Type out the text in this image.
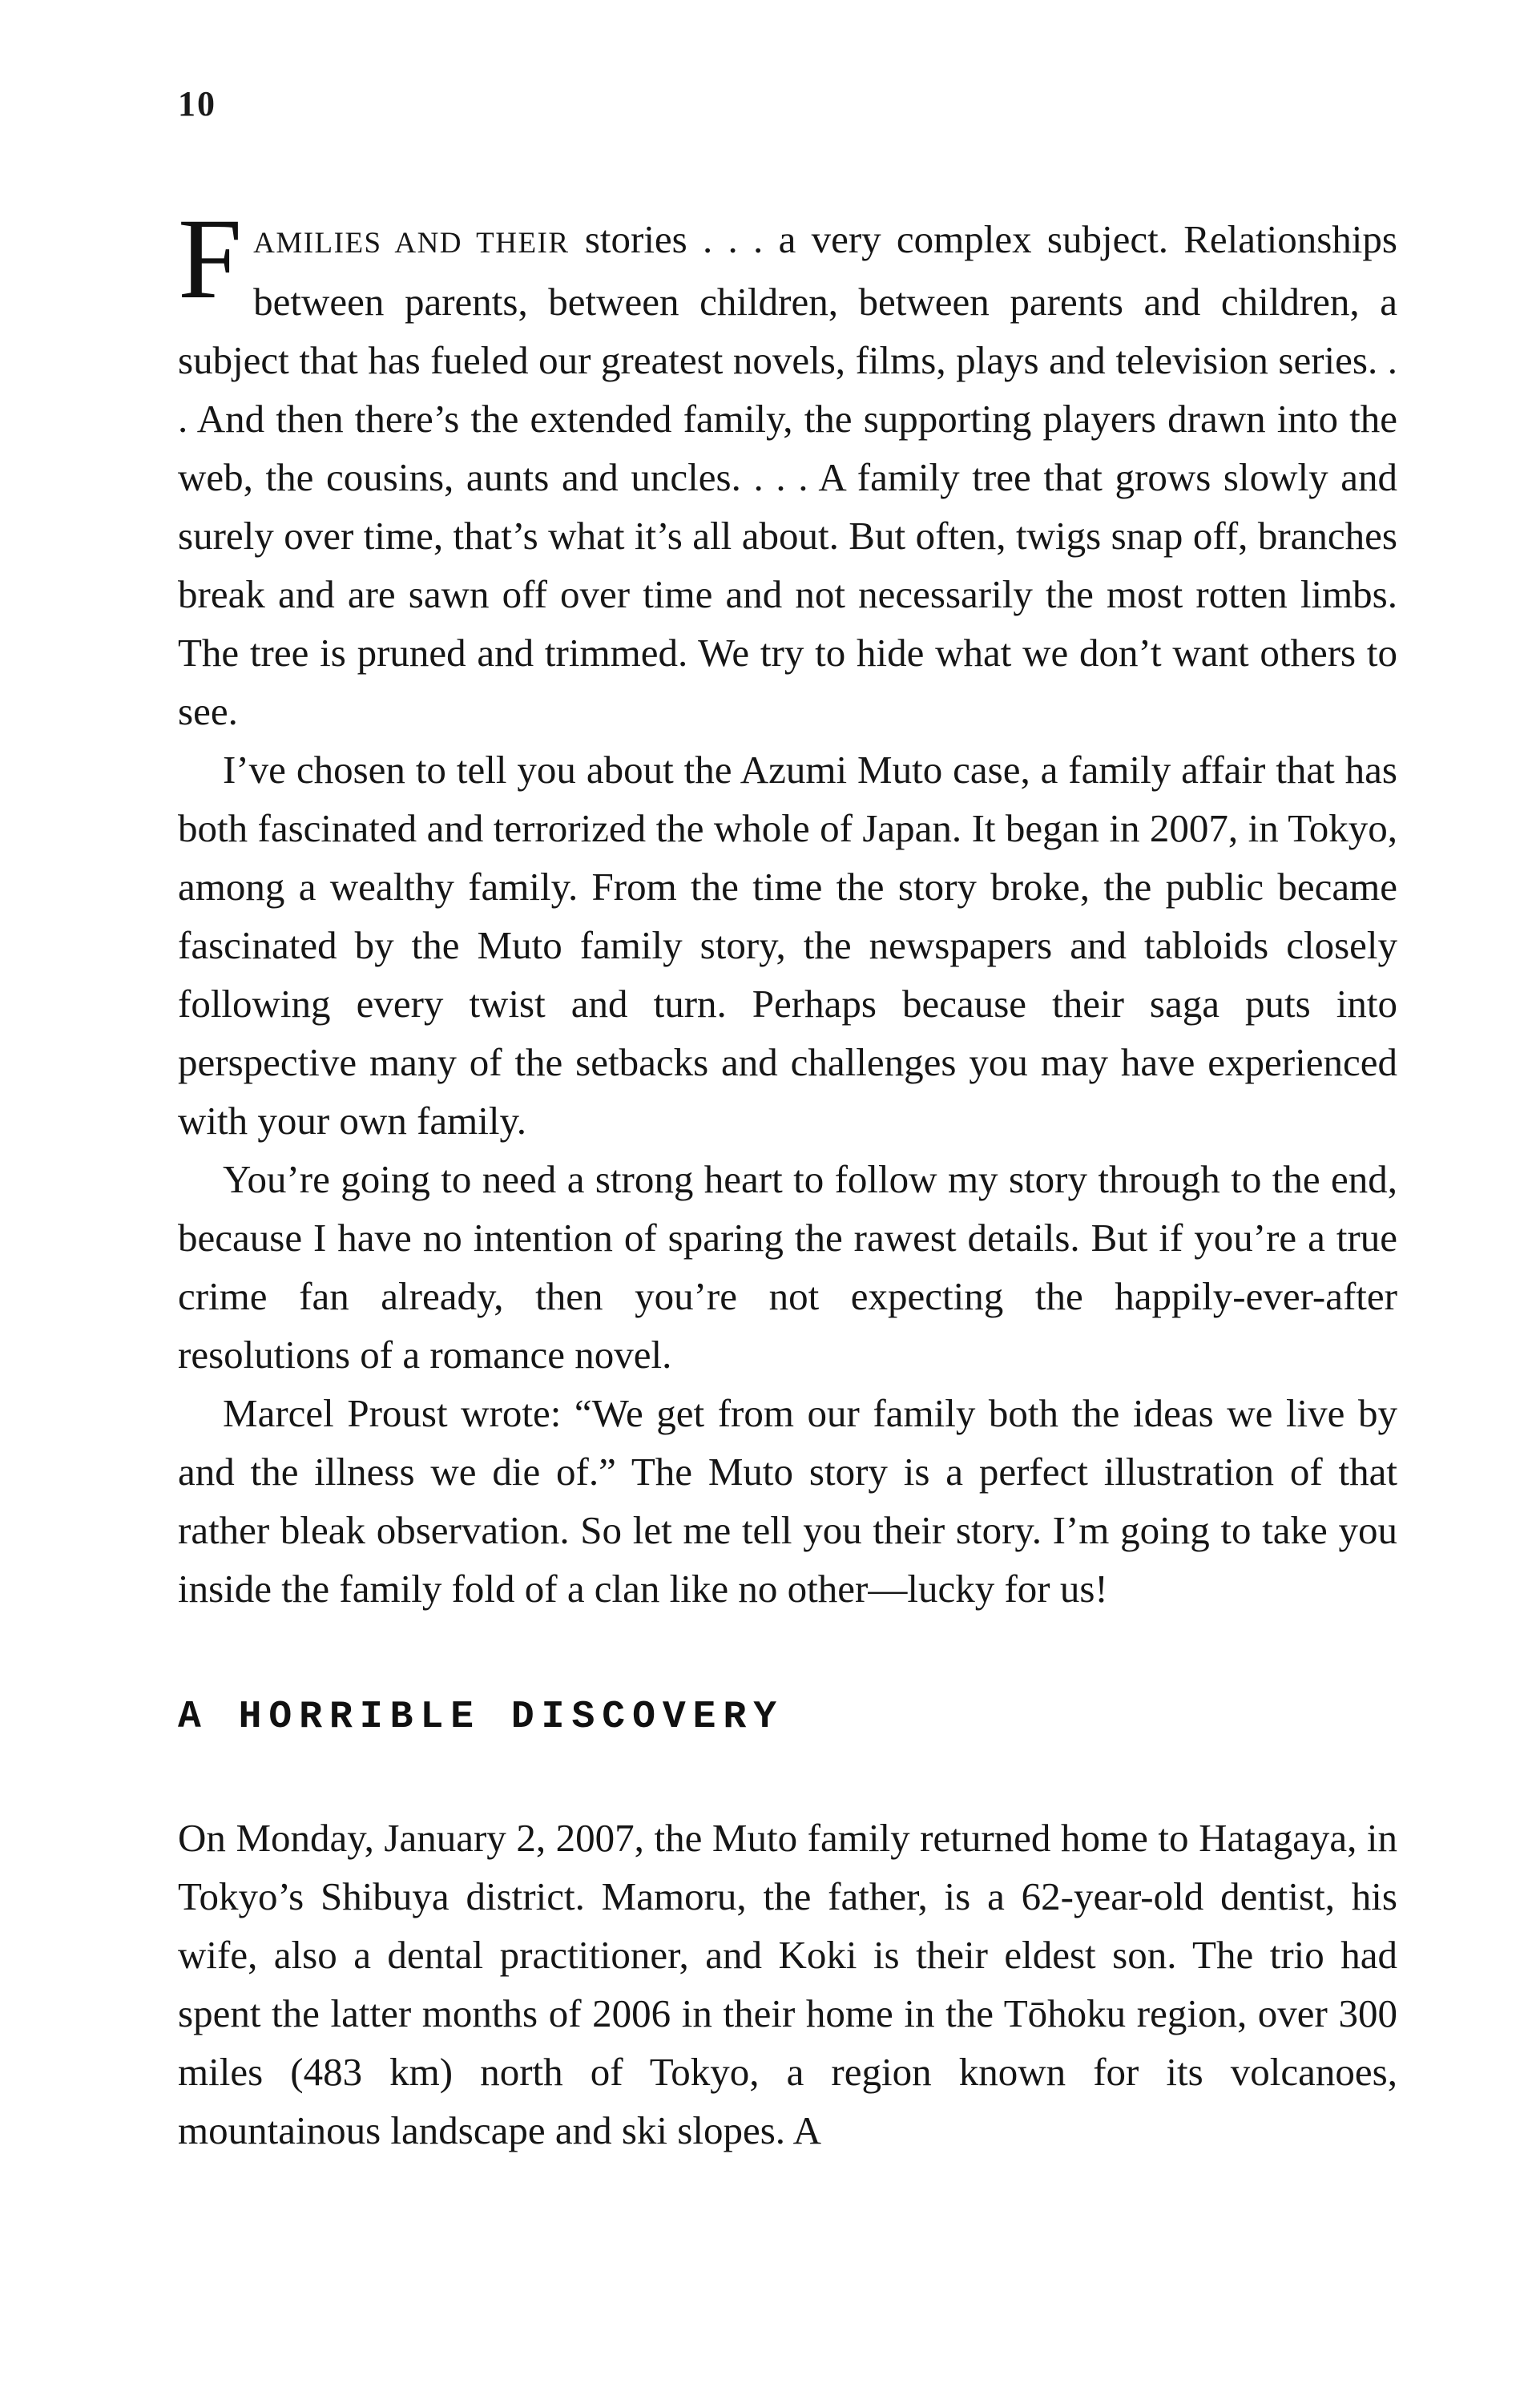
10

FAMILIES AND THEIR stories . . . a very complex subject. Relationships between parents, between children, between parents and children, a subject that has fueled our greatest novels, films, plays and television series. . . And then there’s the extended family, the supporting players drawn into the web, the cousins, aunts and uncles. . . . A family tree that grows slowly and surely over time, that’s what it’s all about. But often, twigs snap off, branches break and are sawn off over time and not necessarily the most rotten limbs. The tree is pruned and trimmed. We try to hide what we don’t want others to see.

I’ve chosen to tell you about the Azumi Muto case, a family affair that has both fascinated and terrorized the whole of Japan. It began in 2007, in Tokyo, among a wealthy family. From the time the story broke, the public became fascinated by the Muto family story, the newspapers and tabloids closely following every twist and turn. Perhaps because their saga puts into perspective many of the setbacks and challenges you may have experienced with your own family.

You’re going to need a strong heart to follow my story through to the end, because I have no intention of sparing the rawest details. But if you’re a true crime fan already, then you’re not expecting the happily-ever-after resolutions of a romance novel.

Marcel Proust wrote: “We get from our family both the ideas we live by and the illness we die of.” The Muto story is a perfect illustration of that rather bleak observation. So let me tell you their story. I’m going to take you inside the family fold of a clan like no other—lucky for us!

A HORRIBLE DISCOVERY

On Monday, January 2, 2007, the Muto family returned home to Hatagaya, in Tokyo’s Shibuya district. Mamoru, the father, is a 62-year-old dentist, his wife, also a dental practitioner, and Koki is their eldest son. The trio had spent the latter months of 2006 in their home in the Tōhoku region, over 300 miles (483 km) north of Tokyo, a region known for its volcanoes, mountainous landscape and ski slopes. A
